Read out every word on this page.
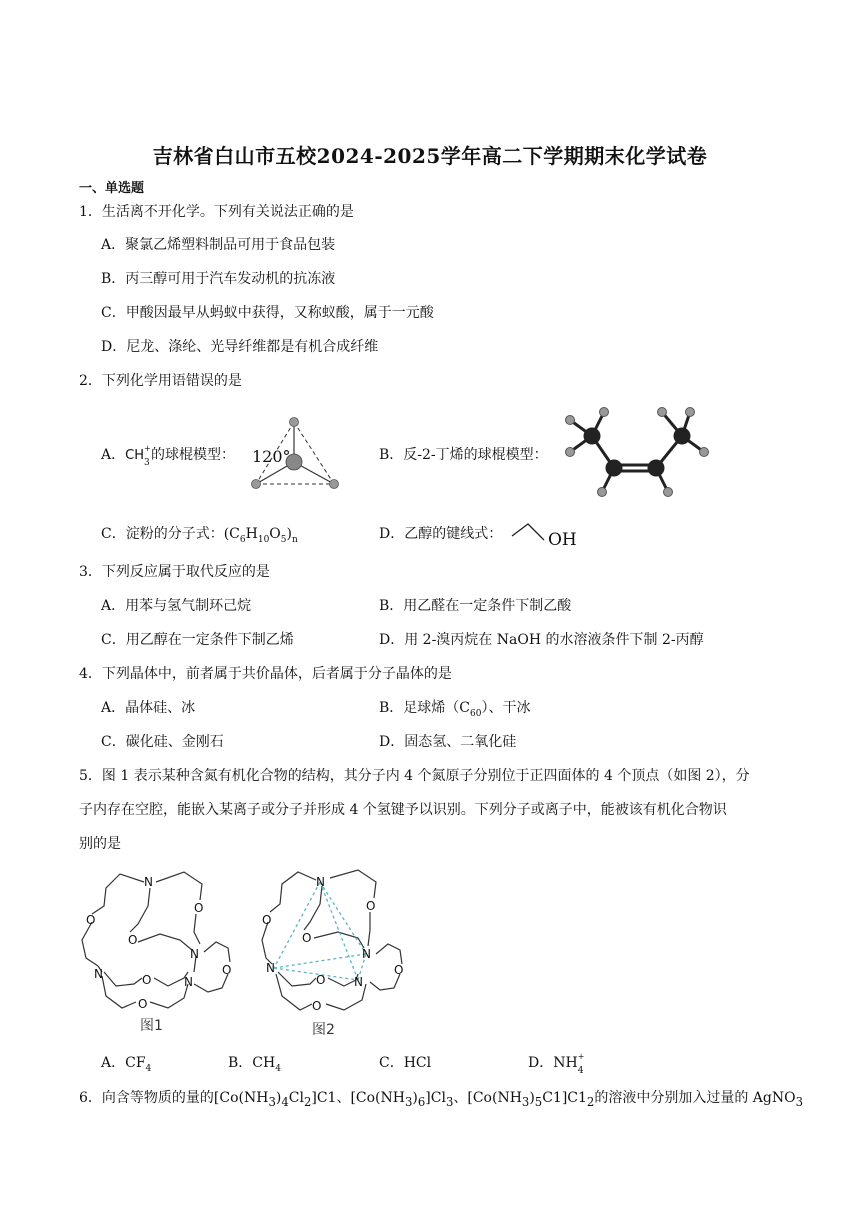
吉林省白山市五校2024-2025学年高二下学期期末化学试卷
一、单选题
1．生活离不开化学。下列有关说法正确的是
A．聚氯乙烯塑料制品可用于食品包装
B．丙三醇可用于汽车发动机的抗冻液
C．甲酸因最早从蚂蚁中获得，又称蚁酸，属于一元酸
D．尼龙、涤纶、光导纤维都是有机合成纤维
2．下列化学用语错误的是
A．CH +
3 的球棍模型： 120°	B．反-2-丁烯的球棍模型：
C．淀粉的分子式：$(C_6H_{10}O_5)_n$	D．乙醇的键线式：	OH
3．下列反应属于取代反应的是
A．用苯与氢气制环己烷	B．用乙醛在一定条件下制乙酸
C．用乙醇在一定条件下制乙烯	D．用 2-溴丙烷在 NaOH 的水溶液条件下制 2-丙醇
4．下列晶体中，前者属于共价晶体，后者属于分子晶体的是
A．晶体硅、冰	B．足球烯$(C_{60})$、干冰
C．碳化硅、金刚石	D．固态氢、二氧化硅
5．图 1 表示某种含氮有机化合物的结构，其分子内 4 个氮原子分别位于正四面体的 4 个顶点（如图 2），分
子内存在空腔，能嵌入某离子或分子并形成 4 个氢键予以识别。下列分子或离子中，能被该有机化合物识
别的是
N
O
O
O
N
N	O
O
O
N
图1
N
O
O
O
N
N
O
O
O
N
图2
A．$CF_4$	B．$CH_4$	C．HCl	D．NH +
4
6．向含等物质的量的$[Co(NH_3)_4Cl_2]C1$、$[Co(NH_3)_6]Cl_3$、$[Co(NH_3)_5C1]C1_2$的溶液中分别加入过量的 AgNO$_3$
